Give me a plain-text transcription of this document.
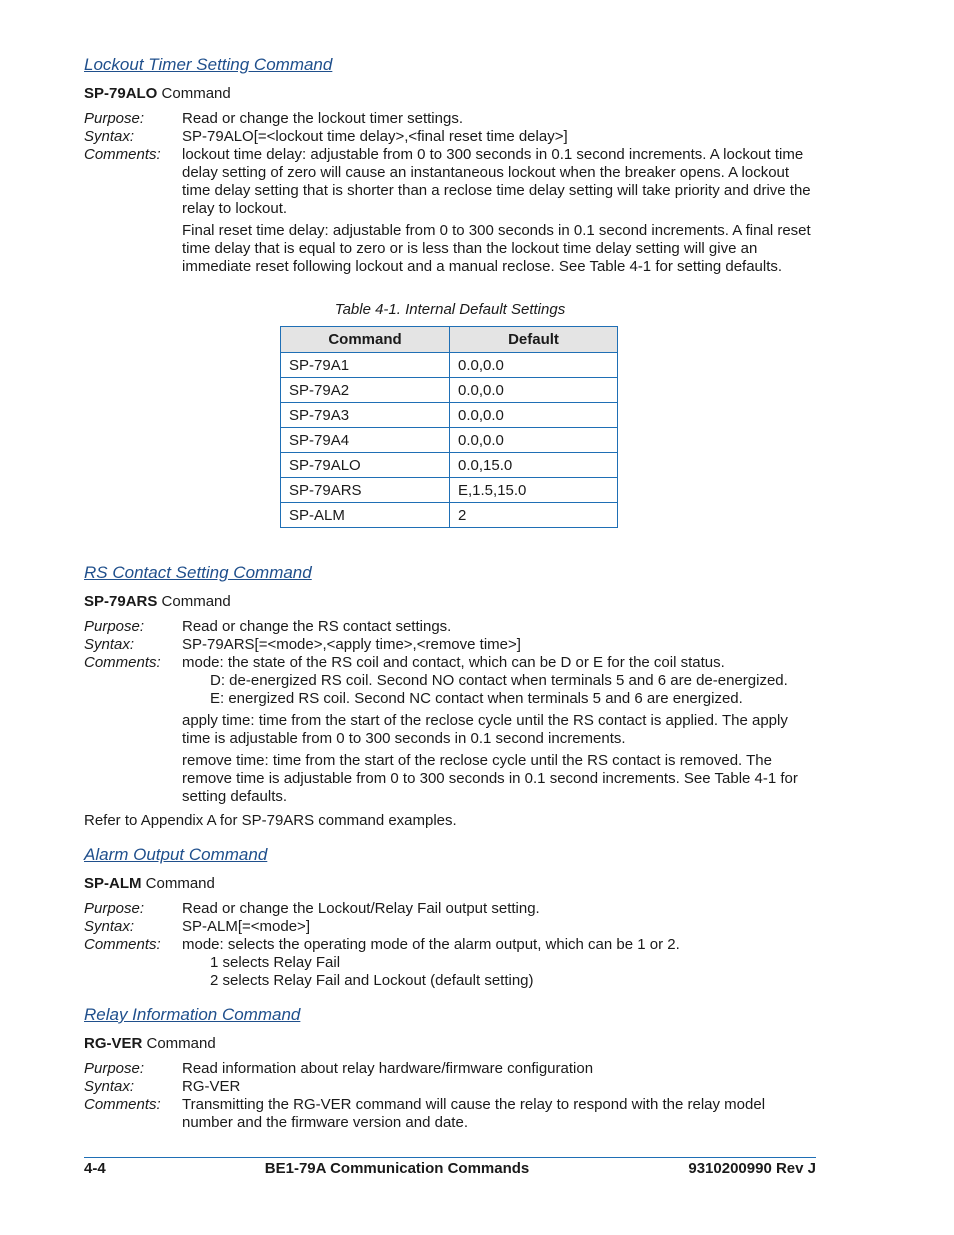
Lockout Timer Setting Command
SP-79ALO Command
Purpose:	Read or change the lockout timer settings.
Syntax:	SP-79ALO[=<lockout time delay>,<final reset time delay>]
Comments:	lockout time delay: adjustable from 0 to 300 seconds in 0.1 second increments. A lockout time delay setting of zero will cause an instantaneous lockout when the breaker opens. A lockout time delay setting that is shorter than a reclose time delay setting will take priority and drive the relay to lockout.
Final reset time delay: adjustable from 0 to 300 seconds in 0.1 second increments. A final reset time delay that is equal to zero or is less than the lockout time delay setting will give an immediate reset following lockout and a manual reclose. See Table 4-1 for setting defaults.
Table 4-1. Internal Default Settings
Command	Default
SP-79A1	0.0,0.0
SP-79A2	0.0,0.0
SP-79A3	0.0,0.0
SP-79A4	0.0,0.0
SP-79ALO	0.0,15.0
SP-79ARS	E,1.5,15.0
SP-ALM	2
RS Contact Setting Command
SP-79ARS Command
Purpose:	Read or change the RS contact settings.
Syntax:	SP-79ARS[=<mode>,<apply time>,<remove time>]
Comments:	mode: the state of the RS coil and contact, which can be D or E for the coil status.
D: de-energized RS coil. Second NO contact when terminals 5 and 6 are de-energized.
E: energized RS coil. Second NC contact when terminals 5 and 6 are energized.
apply time: time from the start of the reclose cycle until the RS contact is applied. The apply time is adjustable from 0 to 300 seconds in 0.1 second increments.
remove time: time from the start of the reclose cycle until the RS contact is removed. The remove time is adjustable from 0 to 300 seconds in 0.1 second increments. See Table 4-1 for setting defaults.
Refer to Appendix A for SP-79ARS command examples.
Alarm Output Command
SP-ALM Command
Purpose:	Read or change the Lockout/Relay Fail output setting.
Syntax:	SP-ALM[=<mode>]
Comments:	mode: selects the operating mode of the alarm output, which can be 1 or 2.
1 selects Relay Fail
2 selects Relay Fail and Lockout (default setting)
Relay Information Command
RG-VER Command
Purpose:	Read information about relay hardware/firmware configuration
Syntax:	RG-VER
Comments:	Transmitting the RG-VER command will cause the relay to respond with the relay model number and the firmware version and date.
4-4	BE1-79A Communication Commands	9310200990 Rev J
